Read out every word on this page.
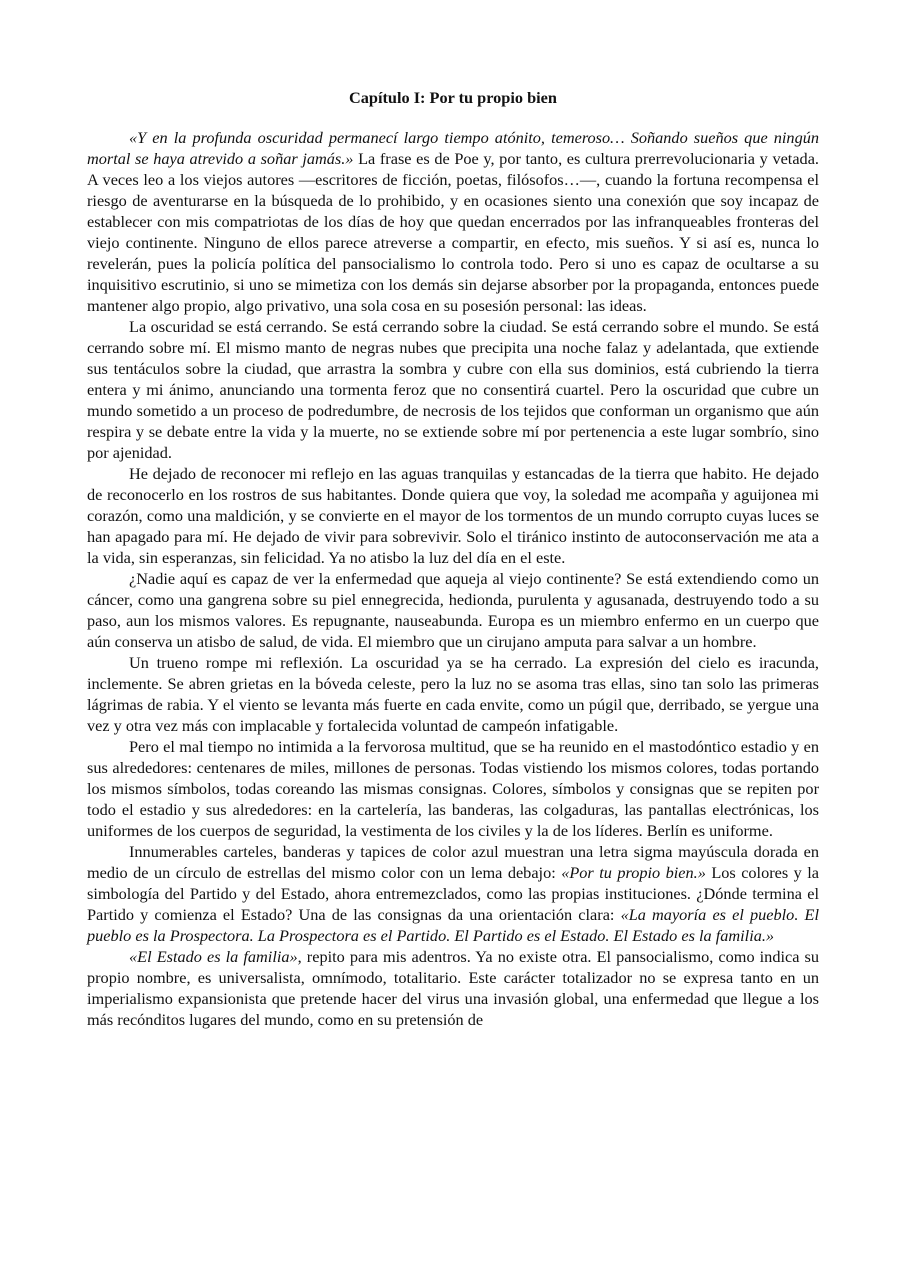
Capítulo I: Por tu propio bien

«Y en la profunda oscuridad permanecí largo tiempo atónito, temeroso… Soñando sueños que ningún mortal se haya atrevido a soñar jamás.» La frase es de Poe y, por tanto, es cultura prerrevolucionaria y vetada. A veces leo a los viejos autores —escritores de ficción, poetas, filósofos…—, cuando la fortuna recompensa el riesgo de aventurarse en la búsqueda de lo prohibido, y en ocasiones siento una conexión que soy incapaz de establecer con mis compatriotas de los días de hoy que quedan encerrados por las infranqueables fronteras del viejo continente. Ninguno de ellos parece atreverse a compartir, en efecto, mis sueños. Y si así es, nunca lo revelerán, pues la policía política del pansocialismo lo controla todo. Pero si uno es capaz de ocultarse a su inquisitivo escrutinio, si uno se mimetiza con los demás sin dejarse absorber por la propaganda, entonces puede mantener algo propio, algo privativo, una sola cosa en su posesión personal: las ideas.

La oscuridad se está cerrando. Se está cerrando sobre la ciudad. Se está cerrando sobre el mundo. Se está cerrando sobre mí. El mismo manto de negras nubes que precipita una noche falaz y adelantada, que extiende sus tentáculos sobre la ciudad, que arrastra la sombra y cubre con ella sus dominios, está cubriendo la tierra entera y mi ánimo, anunciando una tormenta feroz que no consentirá cuartel. Pero la oscuridad que cubre un mundo sometido a un proceso de podredumbre, de necrosis de los tejidos que conforman un organismo que aún respira y se debate entre la vida y la muerte, no se extiende sobre mí por pertenencia a este lugar sombrío, sino por ajenidad.

He dejado de reconocer mi reflejo en las aguas tranquilas y estancadas de la tierra que habito. He dejado de reconocerlo en los rostros de sus habitantes. Donde quiera que voy, la soledad me acompaña y aguijonea mi corazón, como una maldición, y se convierte en el mayor de los tormentos de un mundo corrupto cuyas luces se han apagado para mí. He dejado de vivir para sobrevivir. Solo el tiránico instinto de autoconservación me ata a la vida, sin esperanzas, sin felicidad. Ya no atisbo la luz del día en el este.

¿Nadie aquí es capaz de ver la enfermedad que aqueja al viejo continente? Se está extendiendo como un cáncer, como una gangrena sobre su piel ennegrecida, hedionda, purulenta y agusanada, destruyendo todo a su paso, aun los mismos valores. Es repugnante, nauseabunda. Europa es un miembro enfermo en un cuerpo que aún conserva un atisbo de salud, de vida. El miembro que un cirujano amputa para salvar a un hombre.

Un trueno rompe mi reflexión. La oscuridad ya se ha cerrado. La expresión del cielo es iracunda, inclemente. Se abren grietas en la bóveda celeste, pero la luz no se asoma tras ellas, sino tan solo las primeras lágrimas de rabia. Y el viento se levanta más fuerte en cada envite, como un púgil que, derribado, se yergue una vez y otra vez más con implacable y fortalecida voluntad de campeón infatigable.

Pero el mal tiempo no intimida a la fervorosa multitud, que se ha reunido en el mastodóntico estadio y en sus alrededores: centenares de miles, millones de personas. Todas vistiendo los mismos colores, todas portando los mismos símbolos, todas coreando las mismas consignas. Colores, símbolos y consignas que se repiten por todo el estadio y sus alrededores: en la cartelería, las banderas, las colgaduras, las pantallas electrónicas, los uniformes de los cuerpos de seguridad, la vestimenta de los civiles y la de los líderes. Berlín es uniforme.

Innumerables carteles, banderas y tapices de color azul muestran una letra sigma mayúscula dorada en medio de un círculo de estrellas del mismo color con un lema debajo: «Por tu propio bien.» Los colores y la simbología del Partido y del Estado, ahora entremezclados, como las propias instituciones. ¿Dónde termina el Partido y comienza el Estado? Una de las consignas da una orientación clara: «La mayoría es el pueblo. El pueblo es la Prospectora. La Prospectora es el Partido. El Partido es el Estado. El Estado es la familia.»

«El Estado es la familia», repito para mis adentros. Ya no existe otra. El pansocialismo, como indica su propio nombre, es universalista, omnímodo, totalitario. Este carácter totalizador no se expresa tanto en un imperialismo expansionista que pretende hacer del virus una invasión global, una enfermedad que llegue a los más recónditos lugares del mundo, como en su pretensión de
